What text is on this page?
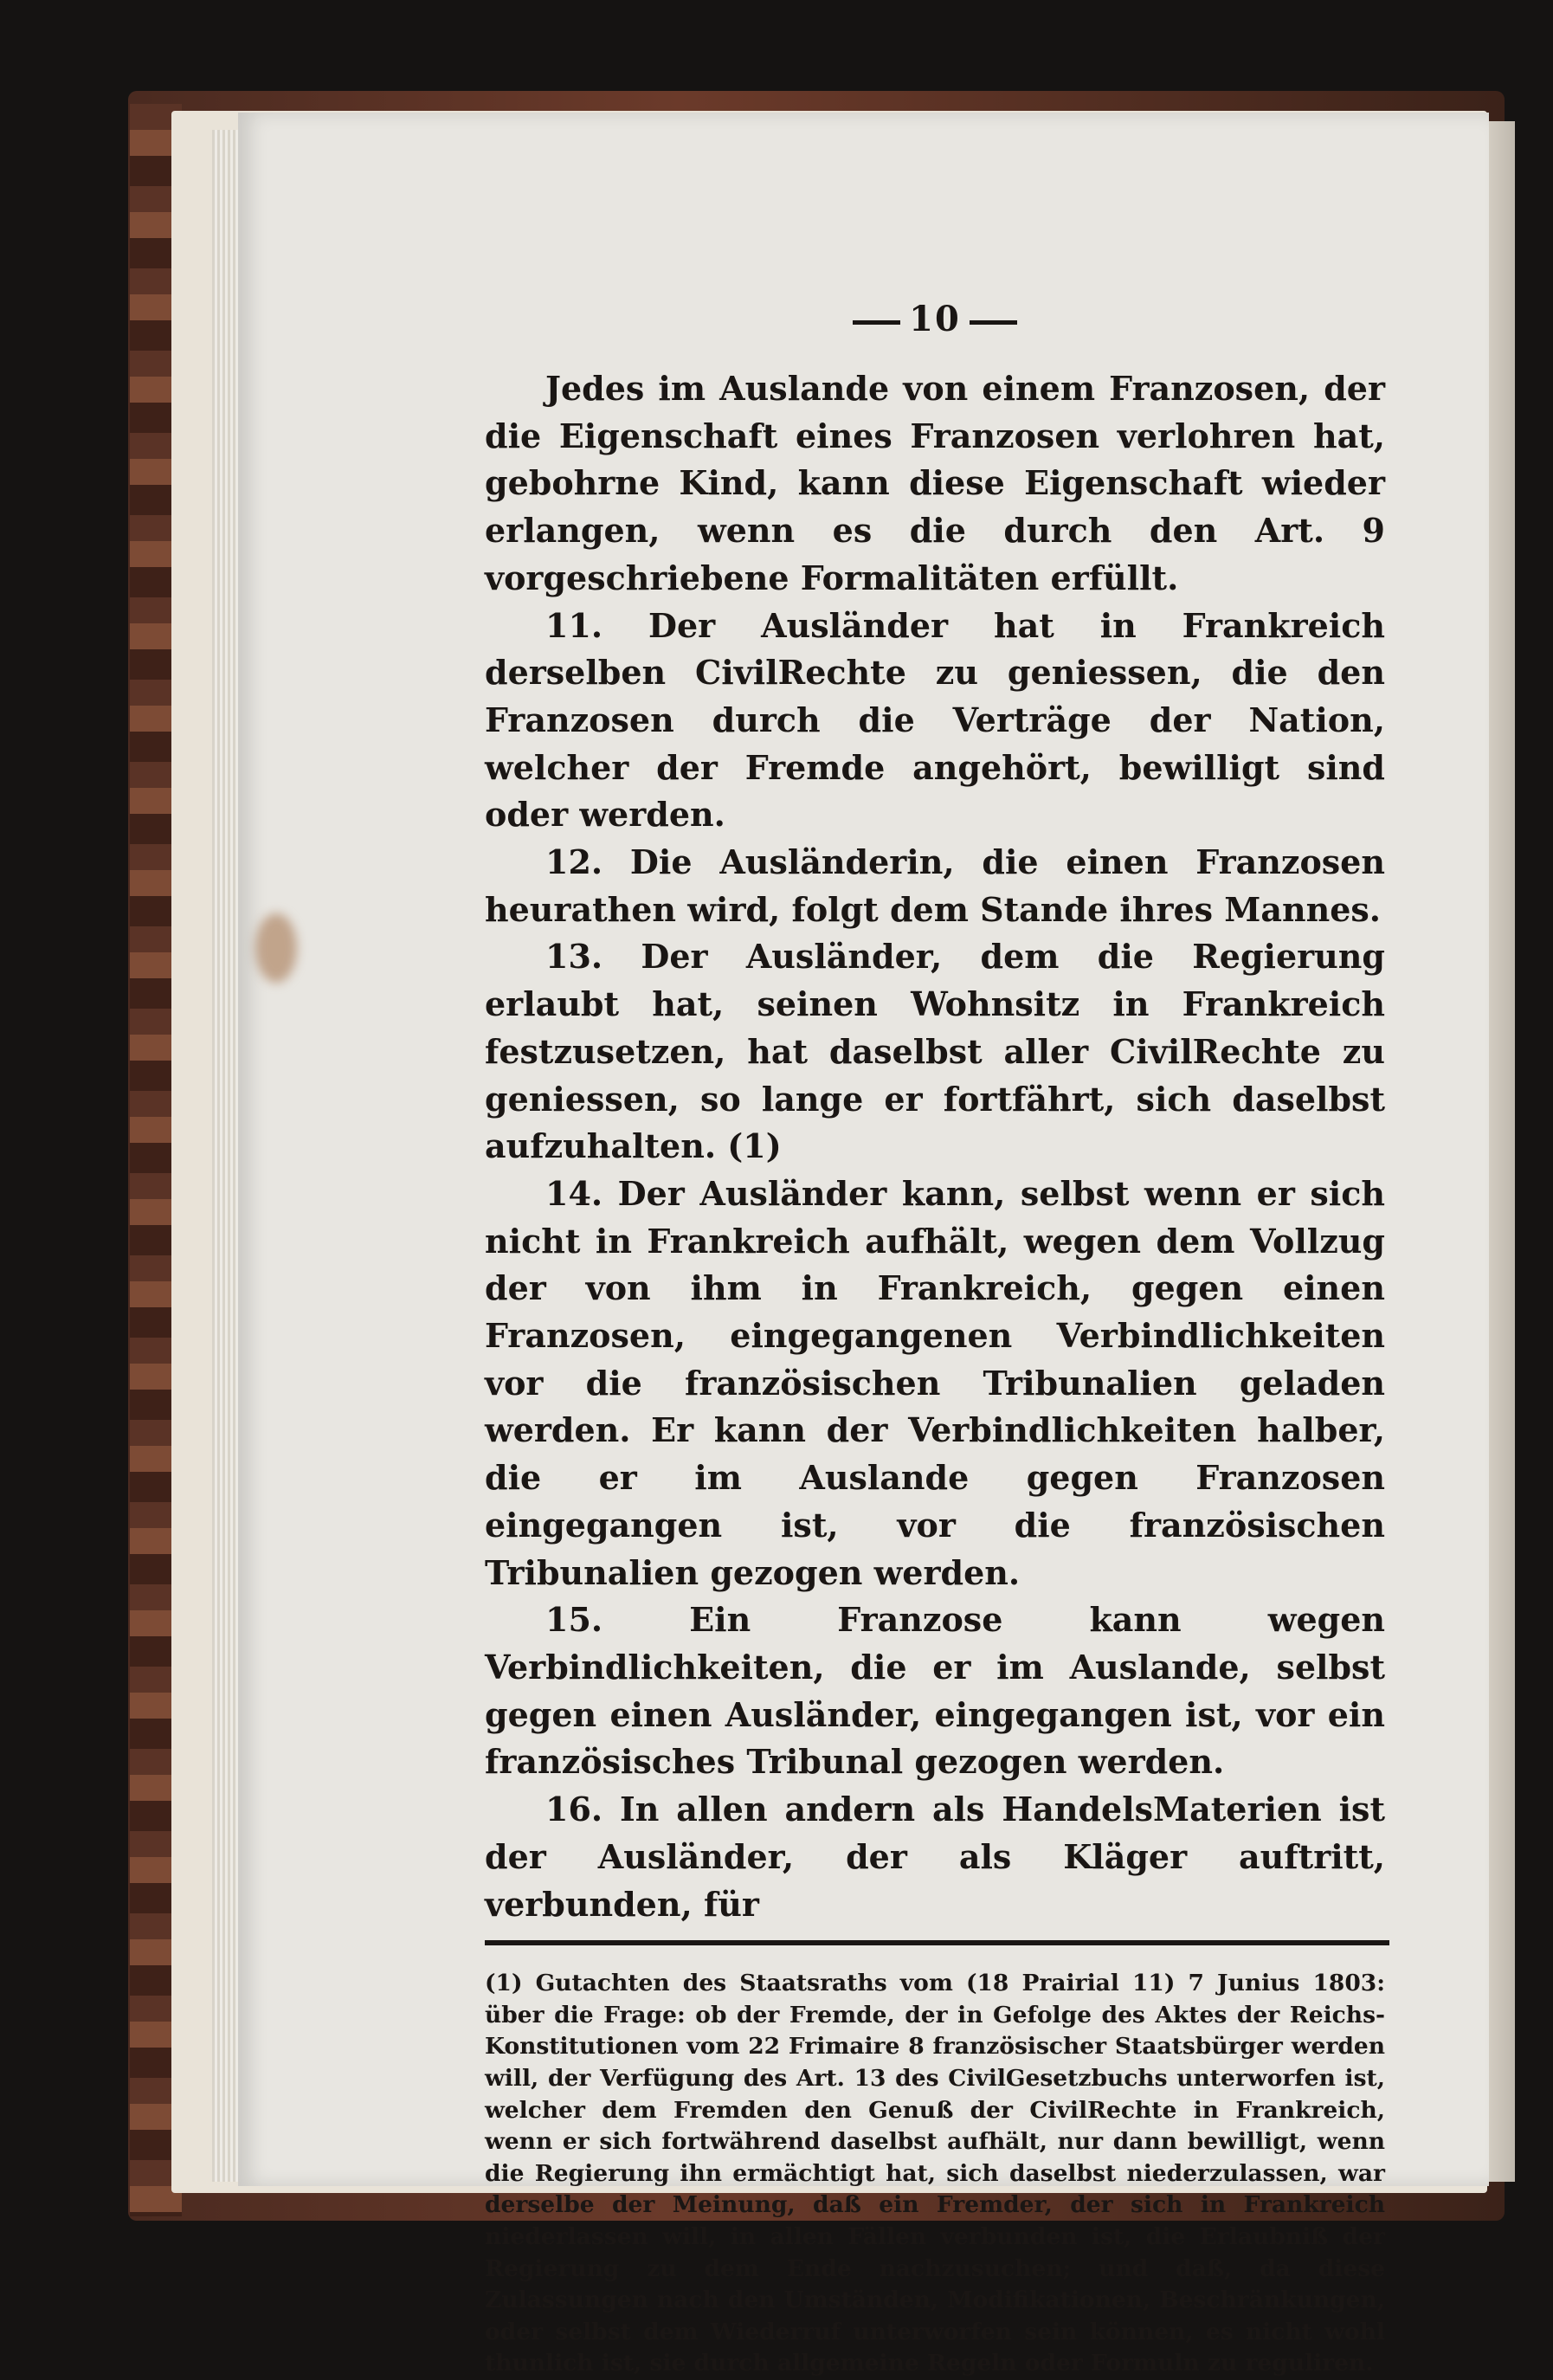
10

Jedes im Auslande von einem Franzosen, der die Eigenschaft eines Franzosen verlohren hat, gebohrne Kind, kann diese Eigenschaft wieder erlangen, wenn es die durch den Art. 9 vorgeschriebene Formalitäten erfüllt.

11. Der Ausländer hat in Frankreich derselben CivilRechte zu geniessen, die den Franzosen durch die Verträge der Nation, welcher der Fremde angehört, bewilligt sind oder werden.

12. Die Ausländerin, die einen Franzosen heurathen wird, folgt dem Stande ihres Mannes.

13. Der Ausländer, dem die Regierung erlaubt hat, seinen Wohnsitz in Frankreich festzusetzen, hat daselbst aller CivilRechte zu geniessen, so lange er fortfährt, sich daselbst aufzuhalten. (1)

14. Der Ausländer kann, selbst wenn er sich nicht in Frankreich aufhält, wegen dem Vollzug der von ihm in Frankreich, gegen einen Franzosen, eingegangenen Verbindlichkeiten vor die französischen Tribunalien geladen werden. Er kann der Verbindlichkeiten halber, die er im Auslande gegen Franzosen eingegangen ist, vor die französischen Tribunalien gezogen werden.

15. Ein Franzose kann wegen Verbindlichkeiten, die er im Auslande, selbst gegen einen Ausländer, eingegangen ist, vor ein französisches Tribunal gezogen werden.

16. In allen andern als HandelsMaterien ist der Ausländer, der als Kläger auftritt, verbunden, für

(1) Gutachten des Staatsraths vom (18 Prairial 11) 7 Junius 1803: über die Frage: ob der Fremde, der in Gefolge des Aktes der Reichs-Konstitutionen vom 22 Frimaire 8 französischer Staatsbürger werden will, der Verfügung des Art. 13 des CivilGesetzbuchs unterworfen ist, welcher dem Fremden den Genuß der CivilRechte in Frankreich, wenn er sich fortwährend daselbst aufhält, nur dann bewilligt, wenn die Regierung ihn ermächtigt hat, sich daselbst niederzulassen, war derselbe der Meinung, daß ein Fremder, der sich in Frankreich niederlassen will, in allen Fällen verbunden ist, die Erlaubniß der Regierung zu dem Ende nachzusuchen; und daß, da diese Zulassungen nach den Umständen, Modifikationen, Beschränkungen, oder selbst dem Wiederruf unterworfen sein können, es nicht wohl thunlich ist, sie durch allgemeine Regeln oder Formuln zu reguliren.
